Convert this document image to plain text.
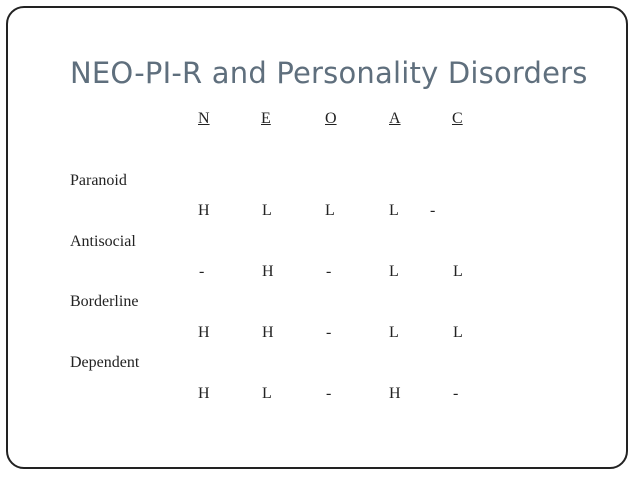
NEO-PI-R and Personality Disorders
N	E	O	A	C
Paranoid
H	L	L	L -
Antisocial
-	H	-	L	L
Borderline
H	H	-	L	L
Dependent
H	L	-	H	-
